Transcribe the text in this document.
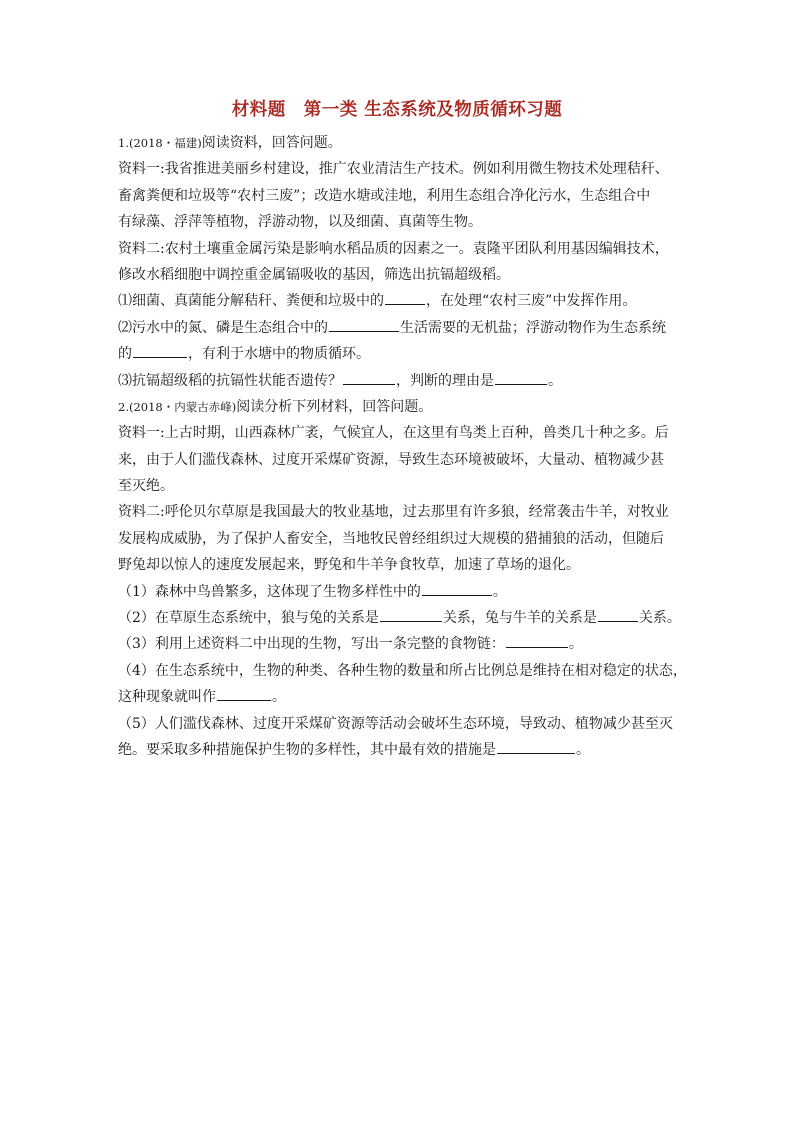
材料题　第一类 生态系统及物质循环习题
1.(2018・福建)阅读资料，回答问题。
资料一:我省推进美丽乡村建设，推广农业清洁生产技术。例如利用微生物技术处理秸秆、
畜禽粪便和垃圾等“农村三废”；改造水塘或洼地，利用生态组合净化污水，生态组合中
有绿藻、浮萍等植物，浮游动物，以及细菌、真菌等生物。
资料二:农村土壤重金属污染是影响水稻品质的因素之一。袁隆平团队利用基因编辑技术，
修改水稻细胞中调控重金属镉吸收的基因，筛选出抗镉超级稻。
⑴细菌、真菌能分解秸秆、粪便和垃圾中的	，在处理“农村三废”中发挥作用。
⑵污水中的氮、磷是生态组合中的	生活需要的无机盐；浮游动物作为生态系统
的	，有利于水塘中的物质循环。
⑶抗镉超级稻的抗镉性状能否遗传？	，判断的理由是	。
2.(2018・内蒙古赤峰)阅读分析下列材料，回答问题。
资料一:上古时期，山西森林广袤，气候宜人，在这里有鸟类上百种，兽类几十种之多。后
来，由于人们滥伐森林、过度开采煤矿资源，导致生态环境被破坏，大量动、植物减少甚
至灭绝。
资料二:呼伦贝尔草原是我国最大的牧业基地，过去那里有许多狼，经常袭击牛羊，对牧业
发展构成威胁，为了保护人畜安全，当地牧民曾经组织过大规模的猎捕狼的活动，但随后
野兔却以惊人的速度发展起来，野兔和牛羊争食牧草，加速了草场的退化。
（1）森林中鸟兽繁多，这体现了生物多样性中的	。
（2）在草原生态系统中，狼与兔的关系是	关系，兔与牛羊的关系是	关系。
（3）利用上述资料二中出现的生物，写出一条完整的食物链：	。
（4）在生态系统中，生物的种类、各种生物的数量和所占比例总是维持在相对稳定的状态，
这种现象就叫作	。
（5）人们滥伐森林、过度开采煤矿资源等活动会破坏生态环境，导致动、植物减少甚至灭
绝。要采取多种措施保护生物的多样性，其中最有效的措施是	。
